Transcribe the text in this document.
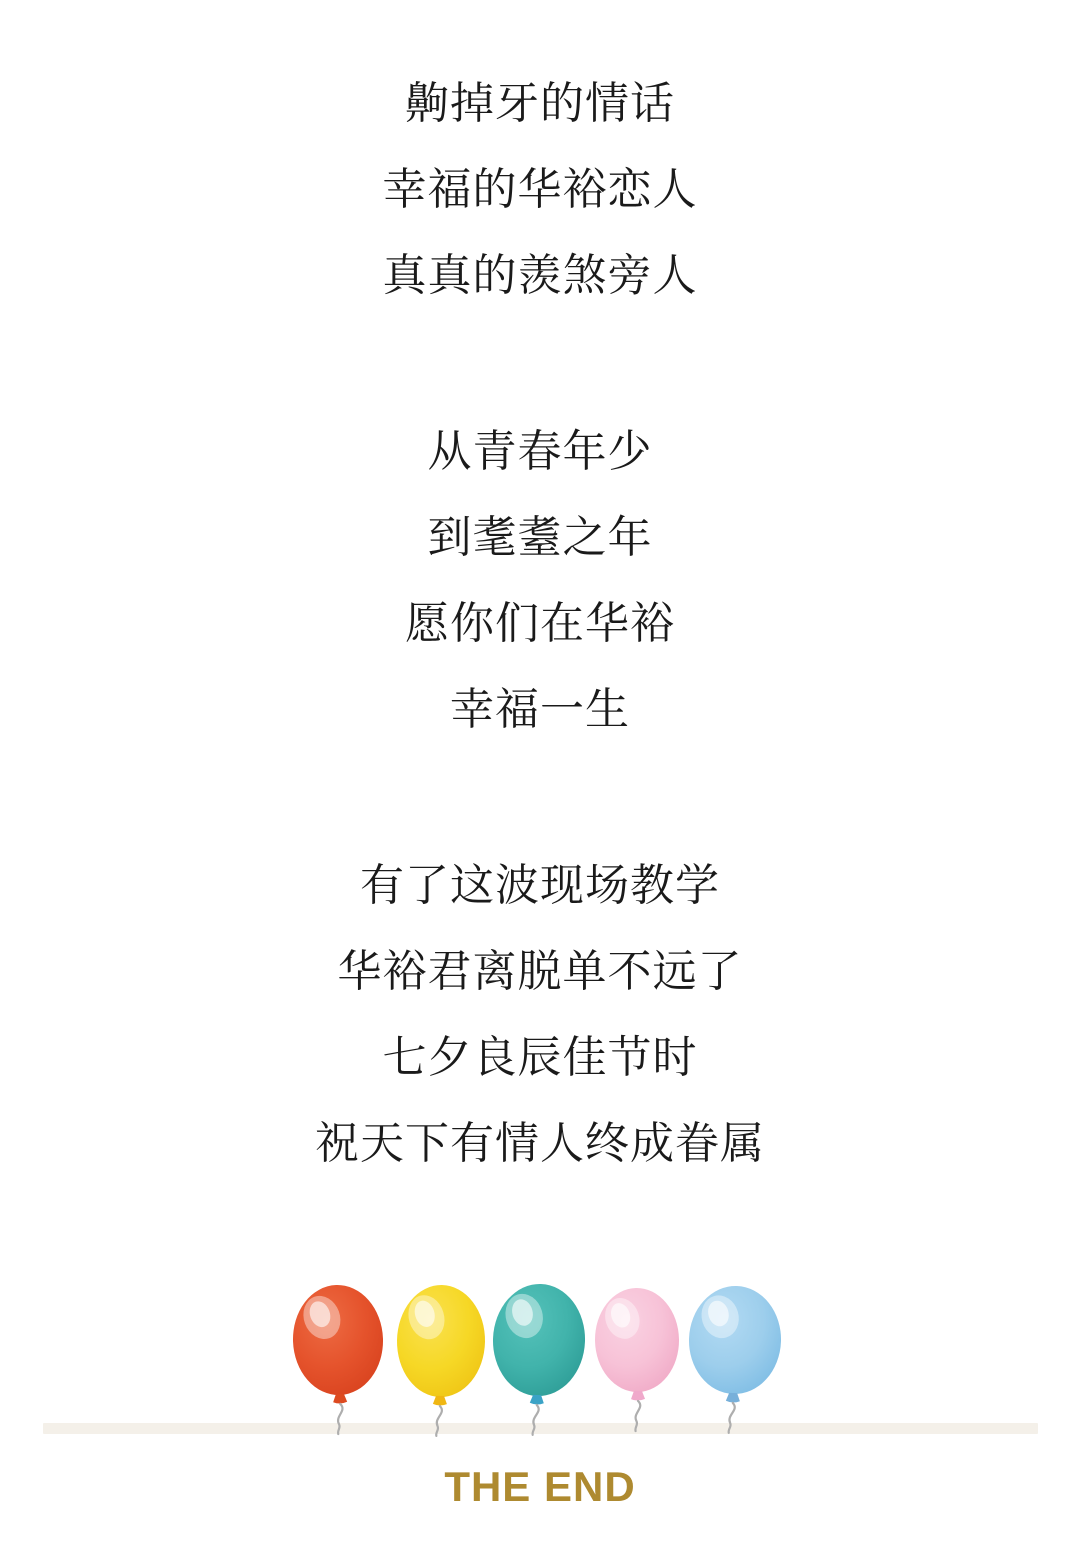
齁掉牙的情话

幸福的华裕恋人

真真的羡煞旁人

从青春年少

到耄耋之年

愿你们在华裕

幸福一生

有了这波现场教学

华裕君离脱单不远了

七夕良辰佳节时

祝天下有情人终成眷属

THE END
